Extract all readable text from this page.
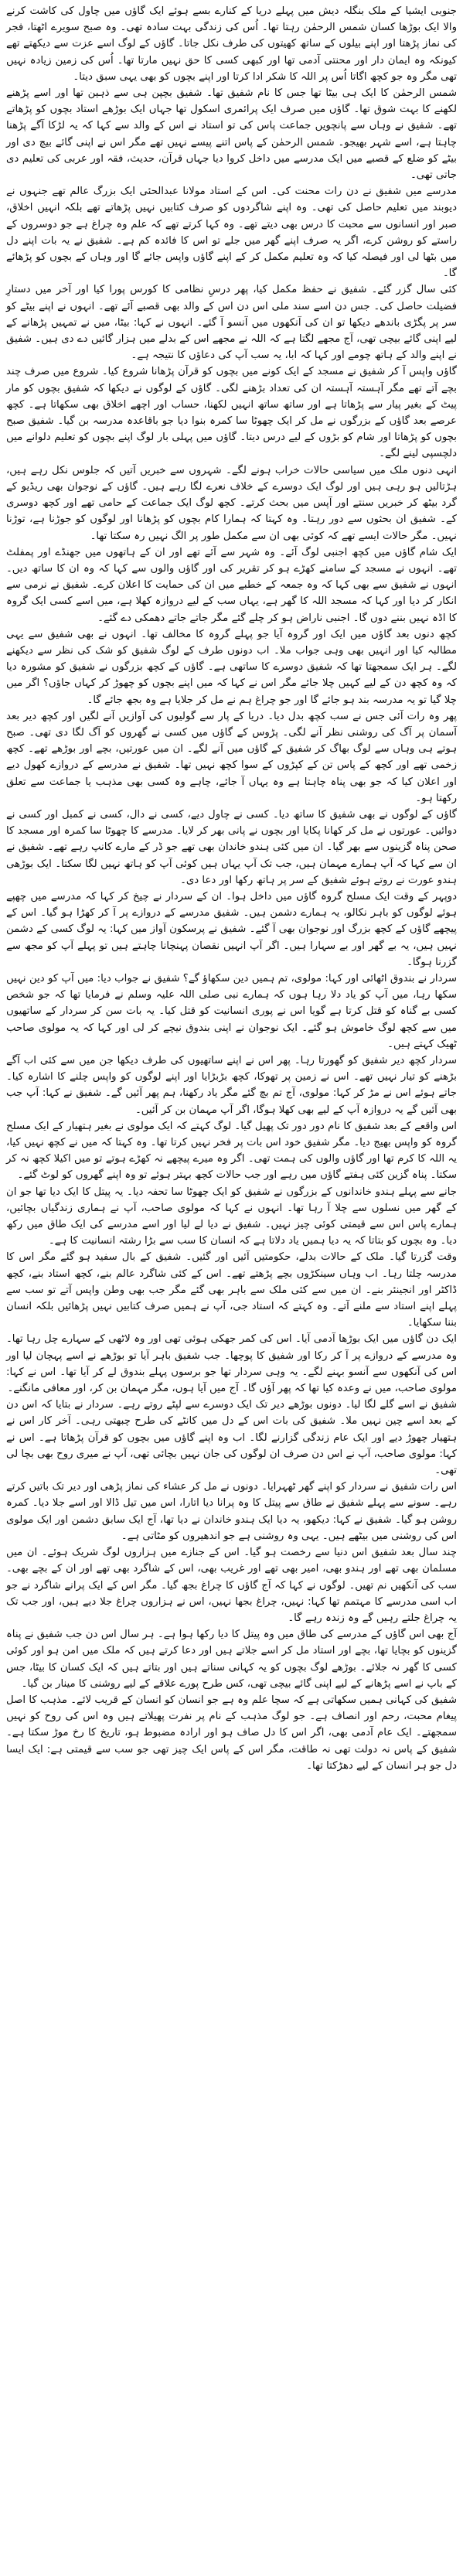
جنوبی ایشیا کے ملک بنگلہ دیش میں پہلے دریا کے کنارے بسے ہوئے ایک گاؤں میں چاول کی کاشت کرنے والا ایک بوڑھا کسان شمس الرحمٰن رہتا تھا۔ اُس کی زندگی بہت سادہ تھی۔ وہ صبح سویرے اٹھتا، فجر کی نماز پڑھتا اور اپنے بیلوں کے ساتھ کھیتوں کی طرف نکل جاتا۔ گاؤں کے لوگ اسے عزت سے دیکھتے تھے کیونکہ وہ ایمان دار اور محنتی آدمی تھا اور کبھی کسی کا حق نہیں مارتا تھا۔ اُس کی زمین زیادہ نہیں تھی مگر وہ جو کچھ اگاتا اُس پر اللہ کا شکر ادا کرتا اور اپنے بچوں کو بھی یہی سبق دیتا۔

شمس الرحمٰن کا ایک ہی بیٹا تھا جس کا نام شفیق تھا۔ شفیق بچپن ہی سے ذہین تھا اور اسے پڑھنے لکھنے کا بہت شوق تھا۔ گاؤں میں صرف ایک پرائمری اسکول تھا جہاں ایک بوڑھے استاد بچوں کو پڑھاتے تھے۔ شفیق نے وہاں سے پانچویں جماعت پاس کی تو استاد نے اس کے والد سے کہا کہ یہ لڑکا آگے پڑھنا چاہتا ہے، اسے شہر بھیجو۔ شمس الرحمٰن کے پاس اتنے پیسے نہیں تھے مگر اس نے اپنی گائے بیچ دی اور بیٹے کو ضلع کے قصبے میں ایک مدرسے میں داخل کروا دیا جہاں قرآن، حدیث، فقہ اور عربی کی تعلیم دی جاتی تھی۔

مدرسے میں شفیق نے دن رات محنت کی۔ اس کے استاد مولانا عبدالحئی ایک بزرگ عالم تھے جنہوں نے دیوبند میں تعلیم حاصل کی تھی۔ وہ اپنے شاگردوں کو صرف کتابیں نہیں پڑھاتے تھے بلکہ انہیں اخلاق، صبر اور انسانوں سے محبت کا درس بھی دیتے تھے۔ وہ کہا کرتے تھے کہ علم وہ چراغ ہے جو دوسروں کے راستے کو روشن کرے، اگر یہ صرف اپنے گھر میں جلے تو اس کا فائدہ کم ہے۔ شفیق نے یہ بات اپنے دل میں بٹھا لی اور فیصلہ کیا کہ وہ تعلیم مکمل کر کے اپنے گاؤں واپس جائے گا اور وہاں کے بچوں کو پڑھائے گا۔

کئی سال گزر گئے۔ شفیق نے حفظ مکمل کیا، پھر درسِ نظامی کا کورس پورا کیا اور آخر میں دستارِ فضیلت حاصل کی۔ جس دن اسے سند ملی اس دن اس کے والد بھی قصبے آئے تھے۔ انہوں نے اپنے بیٹے کو سر پر پگڑی باندھے دیکھا تو ان کی آنکھوں میں آنسو آ گئے۔ انہوں نے کہا: بیٹا، میں نے تمہیں پڑھانے کے لیے اپنی گائے بیچی تھی، آج مجھے لگتا ہے کہ اللہ نے مجھے اس کے بدلے میں ہزار گائیں دے دی ہیں۔ شفیق نے اپنے والد کے ہاتھ چومے اور کہا کہ ابا، یہ سب آپ کی دعاؤں کا نتیجہ ہے۔

گاؤں واپس آ کر شفیق نے مسجد کے ایک کونے میں بچوں کو قرآن پڑھانا شروع کیا۔ شروع میں صرف چند بچے آتے تھے مگر آہستہ آہستہ ان کی تعداد بڑھنے لگی۔ گاؤں کے لوگوں نے دیکھا کہ شفیق بچوں کو مار پیٹ کے بغیر پیار سے پڑھاتا ہے اور ساتھ ساتھ انہیں لکھنا، حساب اور اچھے اخلاق بھی سکھاتا ہے۔ کچھ عرصے بعد گاؤں کے بزرگوں نے مل کر ایک چھوٹا سا کمرہ بنوا دیا جو باقاعدہ مدرسہ بن گیا۔ شفیق صبح بچوں کو پڑھاتا اور شام کو بڑوں کے لیے درس دیتا۔ گاؤں میں پہلی بار لوگ اپنے بچوں کو تعلیم دلوانے میں دلچسپی لینے لگے۔

انہی دنوں ملک میں سیاسی حالات خراب ہونے لگے۔ شہروں سے خبریں آتیں کہ جلوس نکل رہے ہیں، ہڑتالیں ہو رہی ہیں اور لوگ ایک دوسرے کے خلاف نعرے لگا رہے ہیں۔ گاؤں کے نوجوان بھی ریڈیو کے گرد بیٹھ کر خبریں سنتے اور آپس میں بحث کرتے۔ کچھ لوگ ایک جماعت کے حامی تھے اور کچھ دوسری کے۔ شفیق ان بحثوں سے دور رہتا۔ وہ کہتا کہ ہمارا کام بچوں کو پڑھانا اور لوگوں کو جوڑنا ہے، توڑنا نہیں۔ مگر حالات ایسے تھے کہ کوئی بھی ان سے مکمل طور پر الگ نہیں رہ سکتا تھا۔

ایک شام گاؤں میں کچھ اجنبی لوگ آئے۔ وہ شہر سے آئے تھے اور ان کے ہاتھوں میں جھنڈے اور پمفلٹ تھے۔ انہوں نے مسجد کے سامنے کھڑے ہو کر تقریر کی اور گاؤں والوں سے کہا کہ وہ ان کا ساتھ دیں۔ انہوں نے شفیق سے بھی کہا کہ وہ جمعہ کے خطبے میں ان کی حمایت کا اعلان کرے۔ شفیق نے نرمی سے انکار کر دیا اور کہا کہ مسجد اللہ کا گھر ہے، یہاں سب کے لیے دروازہ کھلا ہے، میں اسے کسی ایک گروہ کا اڈہ نہیں بننے دوں گا۔ اجنبی ناراض ہو کر چلے گئے مگر جاتے جاتے دھمکی دے گئے۔

کچھ دنوں بعد گاؤں میں ایک اور گروہ آیا جو پہلے گروہ کا مخالف تھا۔ انہوں نے بھی شفیق سے یہی مطالبہ کیا اور انہیں بھی وہی جواب ملا۔ اب دونوں طرف کے لوگ شفیق کو شک کی نظر سے دیکھنے لگے۔ ہر ایک سمجھتا تھا کہ شفیق دوسرے کا ساتھی ہے۔ گاؤں کے کچھ بزرگوں نے شفیق کو مشورہ دیا کہ وہ کچھ دن کے لیے کہیں چلا جائے مگر اس نے کہا کہ میں اپنے بچوں کو چھوڑ کر کہاں جاؤں؟ اگر میں چلا گیا تو یہ مدرسہ بند ہو جائے گا اور جو چراغ ہم نے مل کر جلایا ہے وہ بجھ جائے گا۔

پھر وہ رات آئی جس نے سب کچھ بدل دیا۔ دریا کے پار سے گولیوں کی آوازیں آنے لگیں اور کچھ دیر بعد آسمان پر آگ کی روشنی نظر آنے لگی۔ پڑوس کے گاؤں میں کسی نے گھروں کو آگ لگا دی تھی۔ صبح ہوتے ہی وہاں سے لوگ بھاگ کر شفیق کے گاؤں میں آنے لگے۔ ان میں عورتیں، بچے اور بوڑھے تھے۔ کچھ زخمی تھے اور کچھ کے پاس تن کے کپڑوں کے سوا کچھ نہیں تھا۔ شفیق نے مدرسے کے دروازے کھول دیے اور اعلان کیا کہ جو بھی پناہ چاہتا ہے وہ یہاں آ جائے، چاہے وہ کسی بھی مذہب یا جماعت سے تعلق رکھتا ہو۔

گاؤں کے لوگوں نے بھی شفیق کا ساتھ دیا۔ کسی نے چاول دیے، کسی نے دال، کسی نے کمبل اور کسی نے دوائیں۔ عورتوں نے مل کر کھانا پکایا اور بچوں نے پانی بھر کر لایا۔ مدرسے کا چھوٹا سا کمرہ اور مسجد کا صحن پناہ گزینوں سے بھر گیا۔ ان میں کئی ہندو خاندان بھی تھے جو ڈر کے مارے کانپ رہے تھے۔ شفیق نے ان سے کہا کہ آپ ہمارے مہمان ہیں، جب تک آپ یہاں ہیں کوئی آپ کو ہاتھ نہیں لگا سکتا۔ ایک بوڑھی ہندو عورت نے روتے ہوئے شفیق کے سر پر ہاتھ رکھا اور دعا دی۔

دوپہر کے وقت ایک مسلح گروہ گاؤں میں داخل ہوا۔ ان کے سردار نے چیخ کر کہا کہ مدرسے میں چھپے ہوئے لوگوں کو باہر نکالو، یہ ہمارے دشمن ہیں۔ شفیق مدرسے کے دروازے پر آ کر کھڑا ہو گیا۔ اس کے پیچھے گاؤں کے کچھ بزرگ اور نوجوان بھی آ گئے۔ شفیق نے پرسکون آواز میں کہا: یہ لوگ کسی کے دشمن نہیں ہیں، یہ بے گھر اور بے سہارا ہیں۔ اگر آپ انہیں نقصان پہنچانا چاہتے ہیں تو پہلے آپ کو مجھ سے گزرنا ہوگا۔

سردار نے بندوق اٹھائی اور کہا: مولوی، تم ہمیں دین سکھاؤ گے؟ شفیق نے جواب دیا: میں آپ کو دین نہیں سکھا رہا، میں آپ کو یاد دلا رہا ہوں کہ ہمارے نبی صلی اللہ علیہ وسلم نے فرمایا تھا کہ جو شخص کسی بے گناہ کو قتل کرتا ہے گویا اس نے پوری انسانیت کو قتل کیا۔ یہ بات سن کر سردار کے ساتھیوں میں سے کچھ لوگ خاموش ہو گئے۔ ایک نوجوان نے اپنی بندوق نیچے کر لی اور کہا کہ یہ مولوی صاحب ٹھیک کہتے ہیں۔

سردار کچھ دیر شفیق کو گھورتا رہا۔ پھر اس نے اپنے ساتھیوں کی طرف دیکھا جن میں سے کئی اب آگے بڑھنے کو تیار نہیں تھے۔ اس نے زمین پر تھوکا، کچھ بڑبڑایا اور اپنے لوگوں کو واپس چلنے کا اشارہ کیا۔ جاتے ہوئے اس نے مڑ کر کہا: مولوی، آج تم بچ گئے مگر یاد رکھنا، ہم پھر آئیں گے۔ شفیق نے کہا: آپ جب بھی آئیں گے یہ دروازہ آپ کے لیے بھی کھلا ہوگا، اگر آپ مہمان بن کر آئیں۔

اس واقعے کے بعد شفیق کا نام دور دور تک پھیل گیا۔ لوگ کہتے کہ ایک مولوی نے بغیر ہتھیار کے ایک مسلح گروہ کو واپس بھیج دیا۔ مگر شفیق خود اس بات پر فخر نہیں کرتا تھا۔ وہ کہتا کہ میں نے کچھ نہیں کیا، یہ اللہ کا کرم تھا اور گاؤں والوں کی ہمت تھی۔ اگر وہ میرے پیچھے نہ کھڑے ہوتے تو میں اکیلا کچھ نہ کر سکتا۔ پناہ گزین کئی ہفتے گاؤں میں رہے اور جب حالات کچھ بہتر ہوئے تو وہ اپنے گھروں کو لوٹ گئے۔

جانے سے پہلے ہندو خاندانوں کے بزرگوں نے شفیق کو ایک چھوٹا سا تحفہ دیا۔ یہ پیتل کا ایک دیا تھا جو ان کے گھر میں نسلوں سے چلا آ رہا تھا۔ انہوں نے کہا کہ مولوی صاحب، آپ نے ہماری زندگیاں بچائیں، ہمارے پاس اس سے قیمتی کوئی چیز نہیں۔ شفیق نے دیا لے لیا اور اسے مدرسے کی ایک طاق میں رکھ دیا۔ وہ بچوں کو بتاتا کہ یہ دیا ہمیں یاد دلاتا ہے کہ انسان کا سب سے بڑا رشتہ انسانیت کا ہے۔

وقت گزرتا گیا۔ ملک کے حالات بدلے، حکومتیں آئیں اور گئیں۔ شفیق کے بال سفید ہو گئے مگر اس کا مدرسہ چلتا رہا۔ اب وہاں سینکڑوں بچے پڑھتے تھے۔ اس کے کئی شاگرد عالم بنے، کچھ استاد بنے، کچھ ڈاکٹر اور انجینئر بنے۔ ان میں سے کئی ملک سے باہر بھی گئے مگر جب بھی وطن واپس آتے تو سب سے پہلے اپنے استاد سے ملنے آتے۔ وہ کہتے کہ استاد جی، آپ نے ہمیں صرف کتابیں نہیں پڑھائیں بلکہ انسان بننا سکھایا۔

ایک دن گاؤں میں ایک بوڑھا آدمی آیا۔ اس کی کمر جھکی ہوئی تھی اور وہ لاٹھی کے سہارے چل رہا تھا۔ وہ مدرسے کے دروازے پر آ کر رکا اور شفیق کا پوچھا۔ جب شفیق باہر آیا تو بوڑھے نے اسے پہچان لیا اور اس کی آنکھوں سے آنسو بہنے لگے۔ یہ وہی سردار تھا جو برسوں پہلے بندوق لے کر آیا تھا۔ اس نے کہا: مولوی صاحب، میں نے وعدہ کیا تھا کہ پھر آؤں گا۔ آج میں آیا ہوں، مگر مہمان بن کر، اور معافی مانگنے۔

شفیق نے اسے گلے لگا لیا۔ دونوں بوڑھے دیر تک ایک دوسرے سے لپٹے روتے رہے۔ سردار نے بتایا کہ اس دن کے بعد اسے چین نہیں ملا۔ شفیق کی بات اس کے دل میں کانٹے کی طرح چبھتی رہی۔ آخر کار اس نے ہتھیار چھوڑ دیے اور ایک عام زندگی گزارنے لگا۔ اب وہ اپنے گاؤں میں بچوں کو قرآن پڑھاتا ہے۔ اس نے کہا: مولوی صاحب، آپ نے اس دن صرف ان لوگوں کی جان نہیں بچائی تھی، آپ نے میری روح بھی بچا لی تھی۔

اس رات شفیق نے سردار کو اپنے گھر ٹھہرایا۔ دونوں نے مل کر عشاء کی نماز پڑھی اور دیر تک باتیں کرتے رہے۔ سونے سے پہلے شفیق نے طاق سے پیتل کا وہ پرانا دیا اتارا، اس میں تیل ڈالا اور اسے جلا دیا۔ کمرہ روشن ہو گیا۔ شفیق نے کہا: دیکھو، یہ دیا ایک ہندو خاندان نے دیا تھا، آج ایک سابق دشمن اور ایک مولوی اس کی روشنی میں بیٹھے ہیں۔ یہی وہ روشنی ہے جو اندھیروں کو مٹاتی ہے۔

چند سال بعد شفیق اس دنیا سے رخصت ہو گیا۔ اس کے جنازے میں ہزاروں لوگ شریک ہوئے۔ ان میں مسلمان بھی تھے اور ہندو بھی، امیر بھی تھے اور غریب بھی، اس کے شاگرد بھی تھے اور ان کے بچے بھی۔ سب کی آنکھیں نم تھیں۔ لوگوں نے کہا کہ آج گاؤں کا چراغ بجھ گیا۔ مگر اس کے ایک پرانے شاگرد نے جو اب اسی مدرسے کا مہتمم تھا کہا: نہیں، چراغ بجھا نہیں، اس نے ہزاروں چراغ جلا دیے ہیں، اور جب تک یہ چراغ جلتے رہیں گے وہ زندہ رہے گا۔

آج بھی اس گاؤں کے مدرسے کی طاق میں وہ پیتل کا دیا رکھا ہوا ہے۔ ہر سال اس دن جب شفیق نے پناہ گزینوں کو بچایا تھا، بچے اور استاد مل کر اسے جلاتے ہیں اور دعا کرتے ہیں کہ ملک میں امن ہو اور کوئی کسی کا گھر نہ جلائے۔ بوڑھے لوگ بچوں کو یہ کہانی سناتے ہیں اور بتاتے ہیں کہ ایک کسان کا بیٹا، جس کے باپ نے اسے پڑھانے کے لیے اپنی گائے بیچی تھی، کس طرح پورے علاقے کے لیے روشنی کا مینار بن گیا۔

شفیق کی کہانی ہمیں سکھاتی ہے کہ سچا علم وہ ہے جو انسان کو انسان کے قریب لائے۔ مذہب کا اصل پیغام محبت، رحم اور انصاف ہے۔ جو لوگ مذہب کے نام پر نفرت پھیلاتے ہیں وہ اس کی روح کو نہیں سمجھتے۔ ایک عام آدمی بھی، اگر اس کا دل صاف ہو اور ارادہ مضبوط ہو، تاریخ کا رخ موڑ سکتا ہے۔ شفیق کے پاس نہ دولت تھی نہ طاقت، مگر اس کے پاس ایک چیز تھی جو سب سے قیمتی ہے: ایک ایسا دل جو ہر انسان کے لیے دھڑکتا تھا۔
